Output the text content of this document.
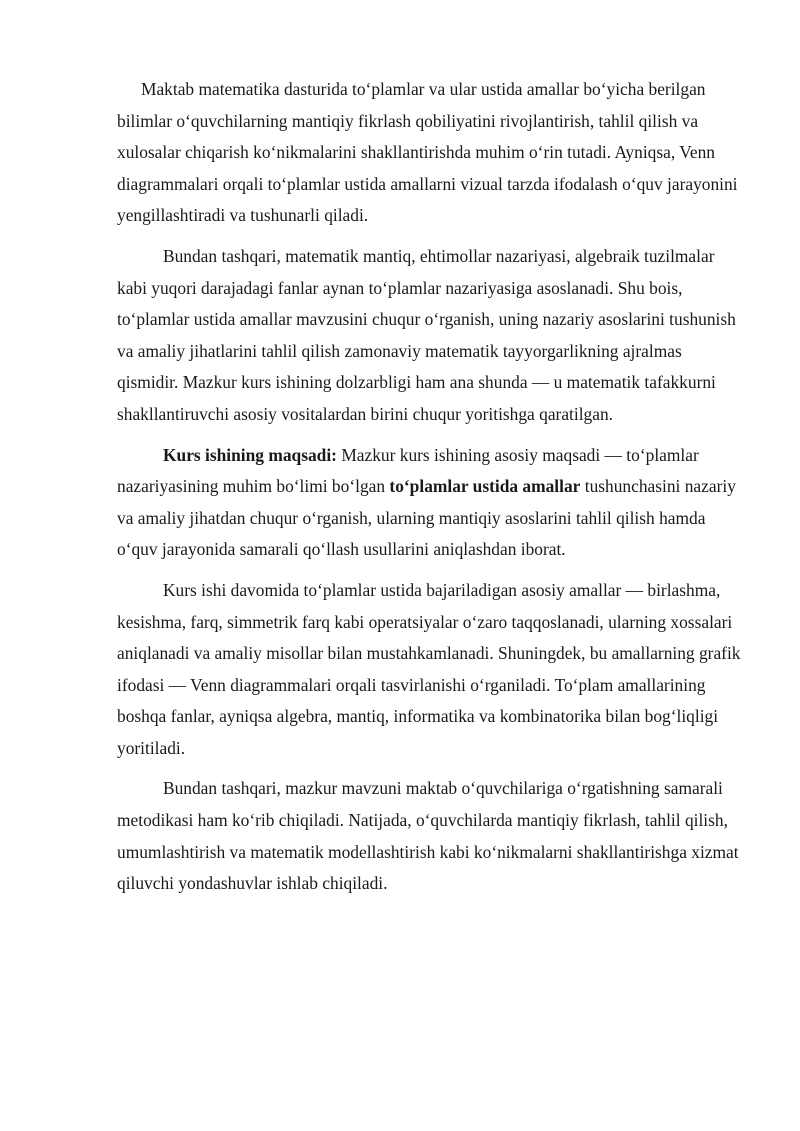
Maktab matematika dasturida to‘plamlar va ular ustida amallar bo‘yicha berilgan bilimlar o‘quvchilarning mantiqiy fikrlash qobiliyatini rivojlantirish, tahlil qilish va xulosalar chiqarish ko‘nikmalarini shakllantirishda muhim o‘rin tutadi. Ayniqsa, Venn diagrammalari orqali to‘plamlar ustida amallarni vizual tarzda ifodalash o‘quv jarayonini yengillashtiradi va tushunarli qiladi.

Bundan tashqari, matematik mantiq, ehtimollar nazariyasi, algebraik tuzilmalar kabi yuqori darajadagi fanlar aynan to‘plamlar nazariyasiga asoslanadi. Shu bois, to‘plamlar ustida amallar mavzusini chuqur o‘rganish, uning nazariy asoslarini tushunish va amaliy jihatlarini tahlil qilish zamonaviy matematik tayyorgarlikning ajralmas qismidir. Mazkur kurs ishining dolzarbligi ham ana shunda — u matematik tafakkurni shakllantiruvchi asosiy vositalardan birini chuqur yoritishga qaratilgan.

Kurs ishining maqsadi: Mazkur kurs ishining asosiy maqsadi — to‘plamlar nazariyasining muhim bo‘limi bo‘lgan to‘plamlar ustida amallar tushunchasini nazariy va amaliy jihatdan chuqur o‘rganish, ularning mantiqiy asoslarini tahlil qilish hamda o‘quv jarayonida samarali qo‘llash usullarini aniqlashdan iborat.

Kurs ishi davomida to‘plamlar ustida bajariladigan asosiy amallar — birlashma, kesishma, farq, simmetrik farq kabi operatsiyalar o‘zaro taqqoslanadi, ularning xossalari aniqlanadi va amaliy misollar bilan mustahkamlanadi. Shuningdek, bu amallarning grafik ifodasi — Venn diagrammalari orqali tasvirlanishi o‘rganiladi. To‘plam amallarining boshqa fanlar, ayniqsa algebra, mantiq, informatika va kombinatorika bilan bog‘liqligi yoritiladi.

Bundan tashqari, mazkur mavzuni maktab o‘quvchilariga o‘rgatishning samarali metodikasi ham ko‘rib chiqiladi. Natijada, o‘quvchilarda mantiqiy fikrlash, tahlil qilish, umumlashtirish va matematik modellashtirish kabi ko‘nikmalarni shakllantirishga xizmat qiluvchi yondashuvlar ishlab chiqiladi.
